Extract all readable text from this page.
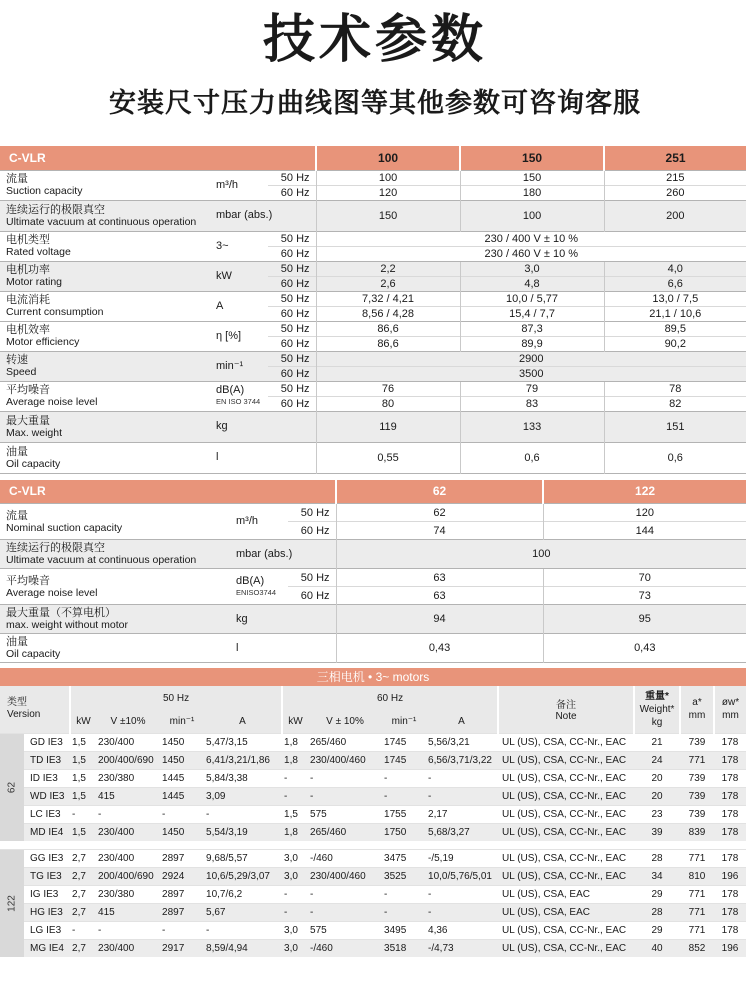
技术参数
安装尺寸压力曲线图等其他参数可咨询客服
C-VLR			100	150	251

流量
Suction capacity	m³/h	50 Hz	100	150	215
		60 Hz	120	180	260

连续运行的极限真空
Ultimate vacuum at continuous operation	mbar (abs.)		150	100	200

电机类型
Rated voltage	3~	50 Hz	230 / 400 V ± 10 %		
		60 Hz	230 / 460 V ± 10 %		

电机功率
Motor rating	kW	50 Hz	2,2	3,0	4,0
		60 Hz	2,6	4,8	6,6

电流消耗
Current consumption	A	50 Hz	7,32 / 4,21	10,0 / 5,77	13,0 / 7,5
		60 Hz	8,56 / 4,28	15,4 / 7,7	21,1 / 10,6

电机效率
Motor efficiency	η [%]	50 Hz	86,6	87,3	89,5
		60 Hz	86,6	89,9	90,2

转速
Speed	min⁻¹	50 Hz	2900		
		60 Hz	3500		

平均噪音
Average noise level

dB(A)
EN ISO 3744
	50 Hz	76	79	78
		60 Hz	80	83	82

最大重量
Max. weight	kg		119	133	151

油量
Oil capacity	l		0,55	0,6	0,6
C-VLR			62	122

流量
Nominal suction capacity	m³/h	50 Hz	62	120
		60 Hz	74	144

连续运行的极限真空
Ultimate vacuum at continuous operation	mbar (abs.)		100	

平均噪音
Average noise level

dB(A)
ENISO3744
	50 Hz	63	70
		60 Hz	63	73

最大重量（不算电机）
max. weight without motor	kg		94	95

油量
Oil capacity	l		0,43	0,43
三相电机 • 3~ motors
类型
Version
	50 Hz	60 Hz	
备注
Note

重量*
Weight*
kg

a*
mm

øw*
mm

		kW	V ±10%	min⁻¹	A	kW	V ± 10%	min⁻¹	A				

62	GD IE3	1,5	230/400	1450	5,47/3,15	1,8	265/460	1745	5,56/3,21	UL (US), CSA, CC-Nr., EAC	21	739	178
	TD IE3	1,5	200/400/690	1450	6,41/3,21/1,86	1,8	230/400/460	1745	6,56/3,71/3,22	UL (US), CSA, CC-Nr., EAC	24	771	178
	ID IE3	1,5	230/380	1445	5,84/3,38	-	-	-	-	UL (US), CSA, CC-Nr., EAC	20	739	178
	WD IE3	1,5	415	1445	3,09	-	-	-	-	UL (US), CSA, CC-Nr., EAC	20	739	178
	LC IE3	-	-	-	-	1,5	575	1755	2,17	UL (US), CSA, CC-Nr., EAC	23	739	178
	MD IE4	1,5	230/400	1450	5,54/3,19	1,8	265/460	1750	5,68/3,27	UL (US), CSA, CC-Nr., EAC	39	839	178

122	GG IE3	2,7	230/400	2897	9,68/5,57	3,0	-/460	3475	-/5,19	UL (US), CSA, CC-Nr., EAC	28	771	178
	TG IE3	2,7	200/400/690	2924	10,6/5,29/3,07	3,0	230/400/460	3525	10,0/5,76/5,01	UL (US), CSA, CC-Nr., EAC	34	810	196
	IG IE3	2,7	230/380	2897	10,7/6,2	-	-	-	-	UL (US), CSA, EAC	29	771	178
	HG IE3	2,7	415	2897	5,67	-	-	-	-	UL (US), CSA, EAC	28	771	178
	LG IE3	-	-	-	-	3,0	575	3495	4,36	UL (US), CSA, CC-Nr., EAC	29	771	178
	MG IE4	2,7	230/400	2917	8,59/4,94	3,0	-/460	3518	-/4,73	UL (US), CSA, CC-Nr., EAC	40	852	196
